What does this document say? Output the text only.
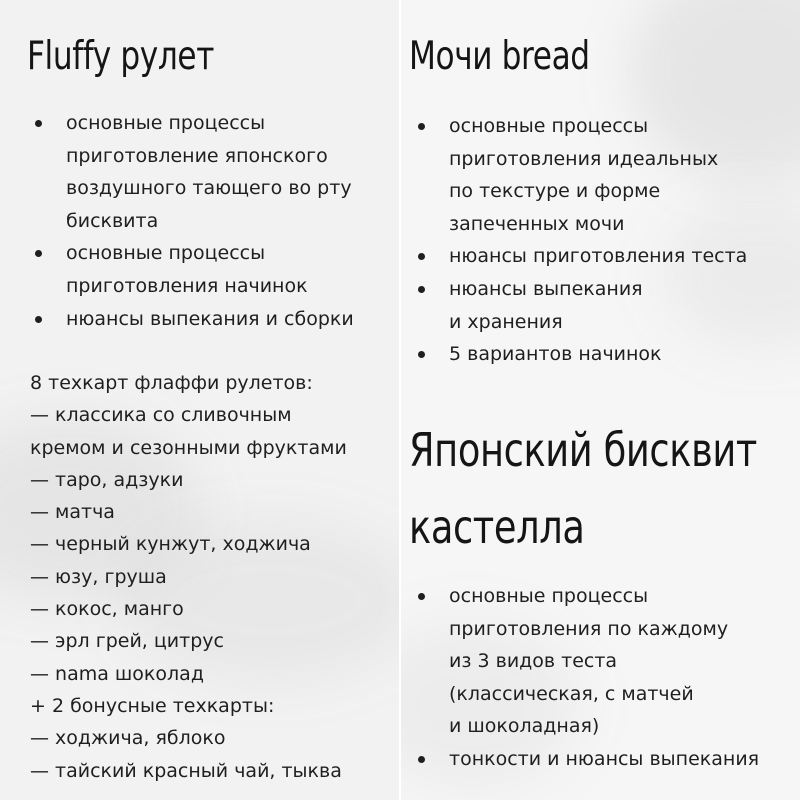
Fluffy рулет
основные процессы
приготовление японского
воздушного тающего во рту
бисквита
основные процессы
приготовления начинок
нюансы выпекания и сборки
8 техкарт флаффи рулетов:
— классика со сливочным
кремом и сезонными фруктами
— таро, адзуки
— матча
— черный кунжут, ходжича
— юзу, груша
— кокос, манго
— эрл грей, цитрус
— nama шоколад
+ 2 бонусные техкарты:
— ходжича, яблоко
— тайский красный чай, тыква
Мочи bread
основные процессы
приготовления идеальных
по текстуре и форме
запеченных мочи
нюансы приготовления теста
нюансы выпекания
и хранения
5 вариантов начинок
Японский бисквит
кастелла
основные процессы
приготовления по каждому
из 3 видов теста
(классическая, с матчей
и шоколадная)
тонкости и нюансы выпекания
